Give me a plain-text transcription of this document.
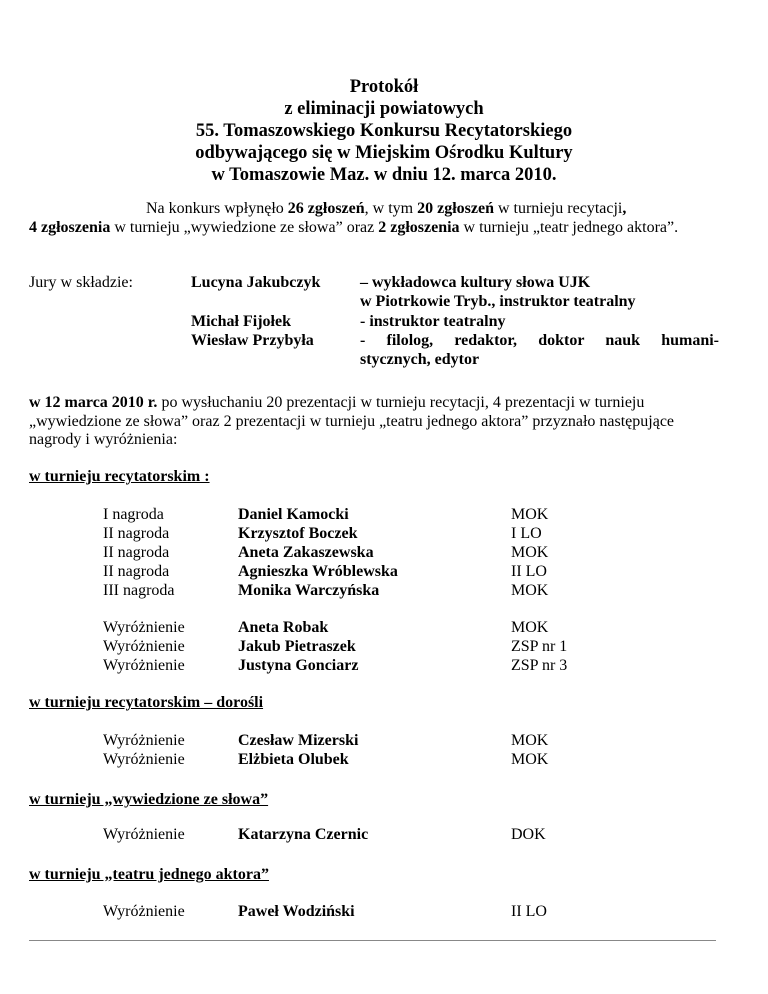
Protokół
z eliminacji powiatowych
55. Tomaszowskiego Konkursu Recytatorskiego
odbywającego się w Miejskim Ośrodku Kultury
w Tomaszowie Maz. w dniu 12. marca 2010.

Na konkurs wpłynęło 26 zgłoszeń, w tym 20 zgłoszeń w turnieju recytacji,
4 zgłoszenia w turnieju „wywiedzione ze słowa” oraz 2 zgłoszenia w turnieju „teatr jednego aktora”.

Jury w składzie:	Lucyna Jakubczyk – wykładowca kultury słowa UJK
w Piotrkowie Tryb., instruktor teatralny
Michał Fijołek	- instruktor teatralny
Wiesław Przybyła	- filolog, redaktor, doktor nauk humani-
stycznych, edytor

w 12 marca 2010 r. po wysłuchaniu 20 prezentacji w turnieju recytacji, 4 prezentacji w turnieju „wywiedzione ze słowa” oraz 2 prezentacji w turnieju „teatru jednego aktora” przyznało następujące nagrody i wyróżnienia:

w turnieju recytatorskim :
I nagroda	Daniel Kamocki	MOK
II nagroda	Krzysztof Boczek	I LO
II nagroda	Aneta Zakaszewska	MOK
II nagroda	Agnieszka Wróblewska	II LO
III nagroda	Monika Warczyńska	MOK
Wyróżnienie	Aneta Robak	MOK
Wyróżnienie	Jakub Pietraszek	ZSP nr 1
Wyróżnienie	Justyna Gonciarz	ZSP nr 3
w turnieju recytatorskim – dorośli
Wyróżnienie	Czesław Mizerski	MOK
Wyróżnienie	Elżbieta Olubek	MOK
w turnieju „wywiedzione ze słowa”
Wyróżnienie	Katarzyna Czernic	DOK
w turnieju „teatru jednego aktora”
Wyróżnienie	Paweł Wodziński	II LO
